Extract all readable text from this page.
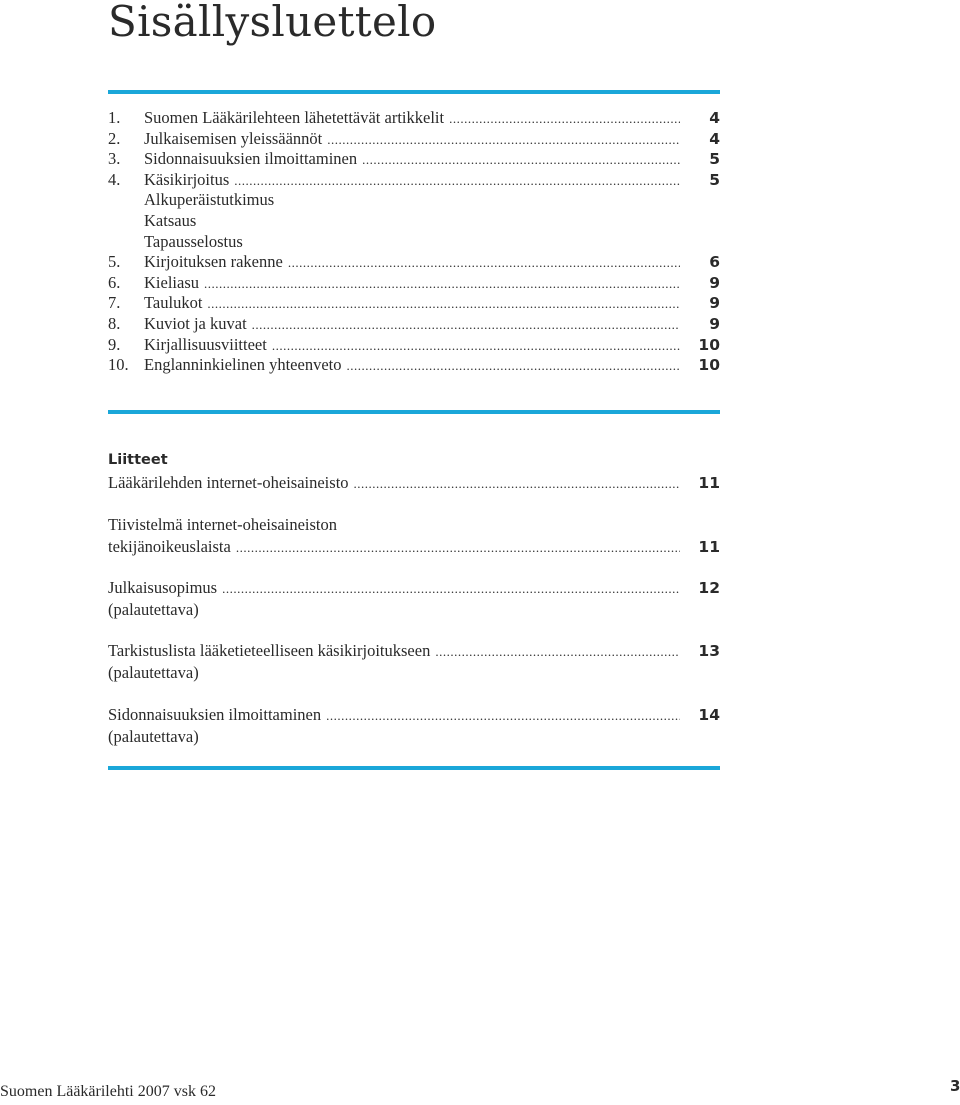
Sisällysluettelo
1.	Suomen Lääkärilehteen lähetettävät artikkelit .....	4
2.	Julkaisemisen yleissäännöt .....	4
3.	Sidonnaisuuksien ilmoittaminen .....	5
4.	Käsikirjoitus .....	5
Alkuperäistutkimus
Katsaus
Tapausselostus
5.	Kirjoituksen rakenne .....	6
6.	Kieliasu .....	9
7.	Taulukot .....	9
8.	Kuviot ja kuvat .....	9
9.	Kirjallisuusviitteet .....	10
10. Englanninkielinen yhteenveto .....	10
Liitteet
Lääkärilehden internet-oheisaineisto .....	11
Tiivistelmä internet-oheisaineiston
tekijänoikeuslaista .....	11
Julkaisusopimus .....	12
(palautettava)
Tarkistuslista lääketieteelliseen käsikirjoitukseen .....	13
(palautettava)
Sidonnaisuuksien ilmoittaminen .....	14
(palautettava)
Suomen Lääkärilehti 2007 vsk 62	3
